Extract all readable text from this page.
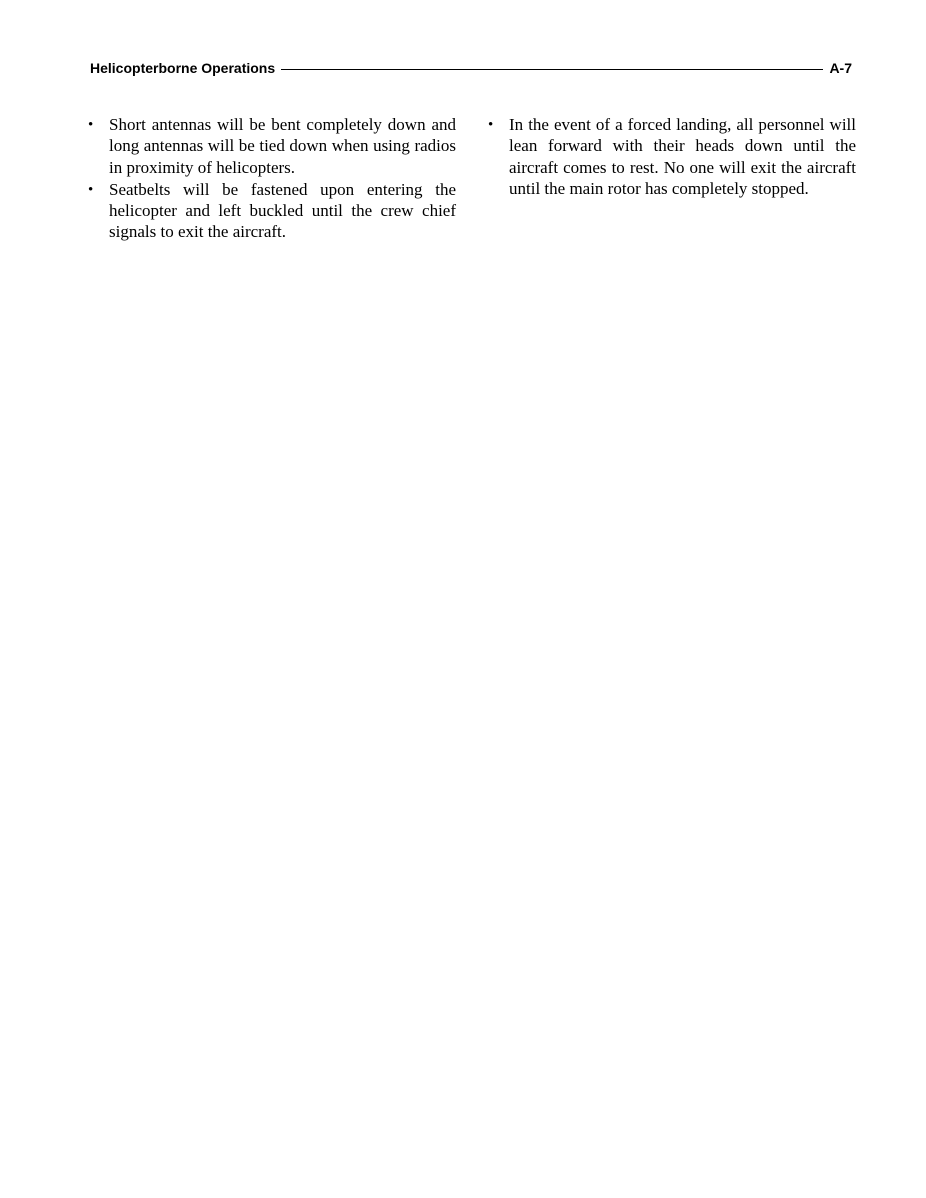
Helicopterborne Operations	A-7
• Short antennas will be bent completely down and long antennas will be tied down when using radios in proximity of helicopters.
• Seatbelts will be fastened upon entering the helicopter and left buckled until the crew chief signals to exit the aircraft.
• In the event of a forced landing, all personnel will lean forward with their heads down until the aircraft comes to rest. No one will exit the aircraft until the main rotor has completely stopped.
